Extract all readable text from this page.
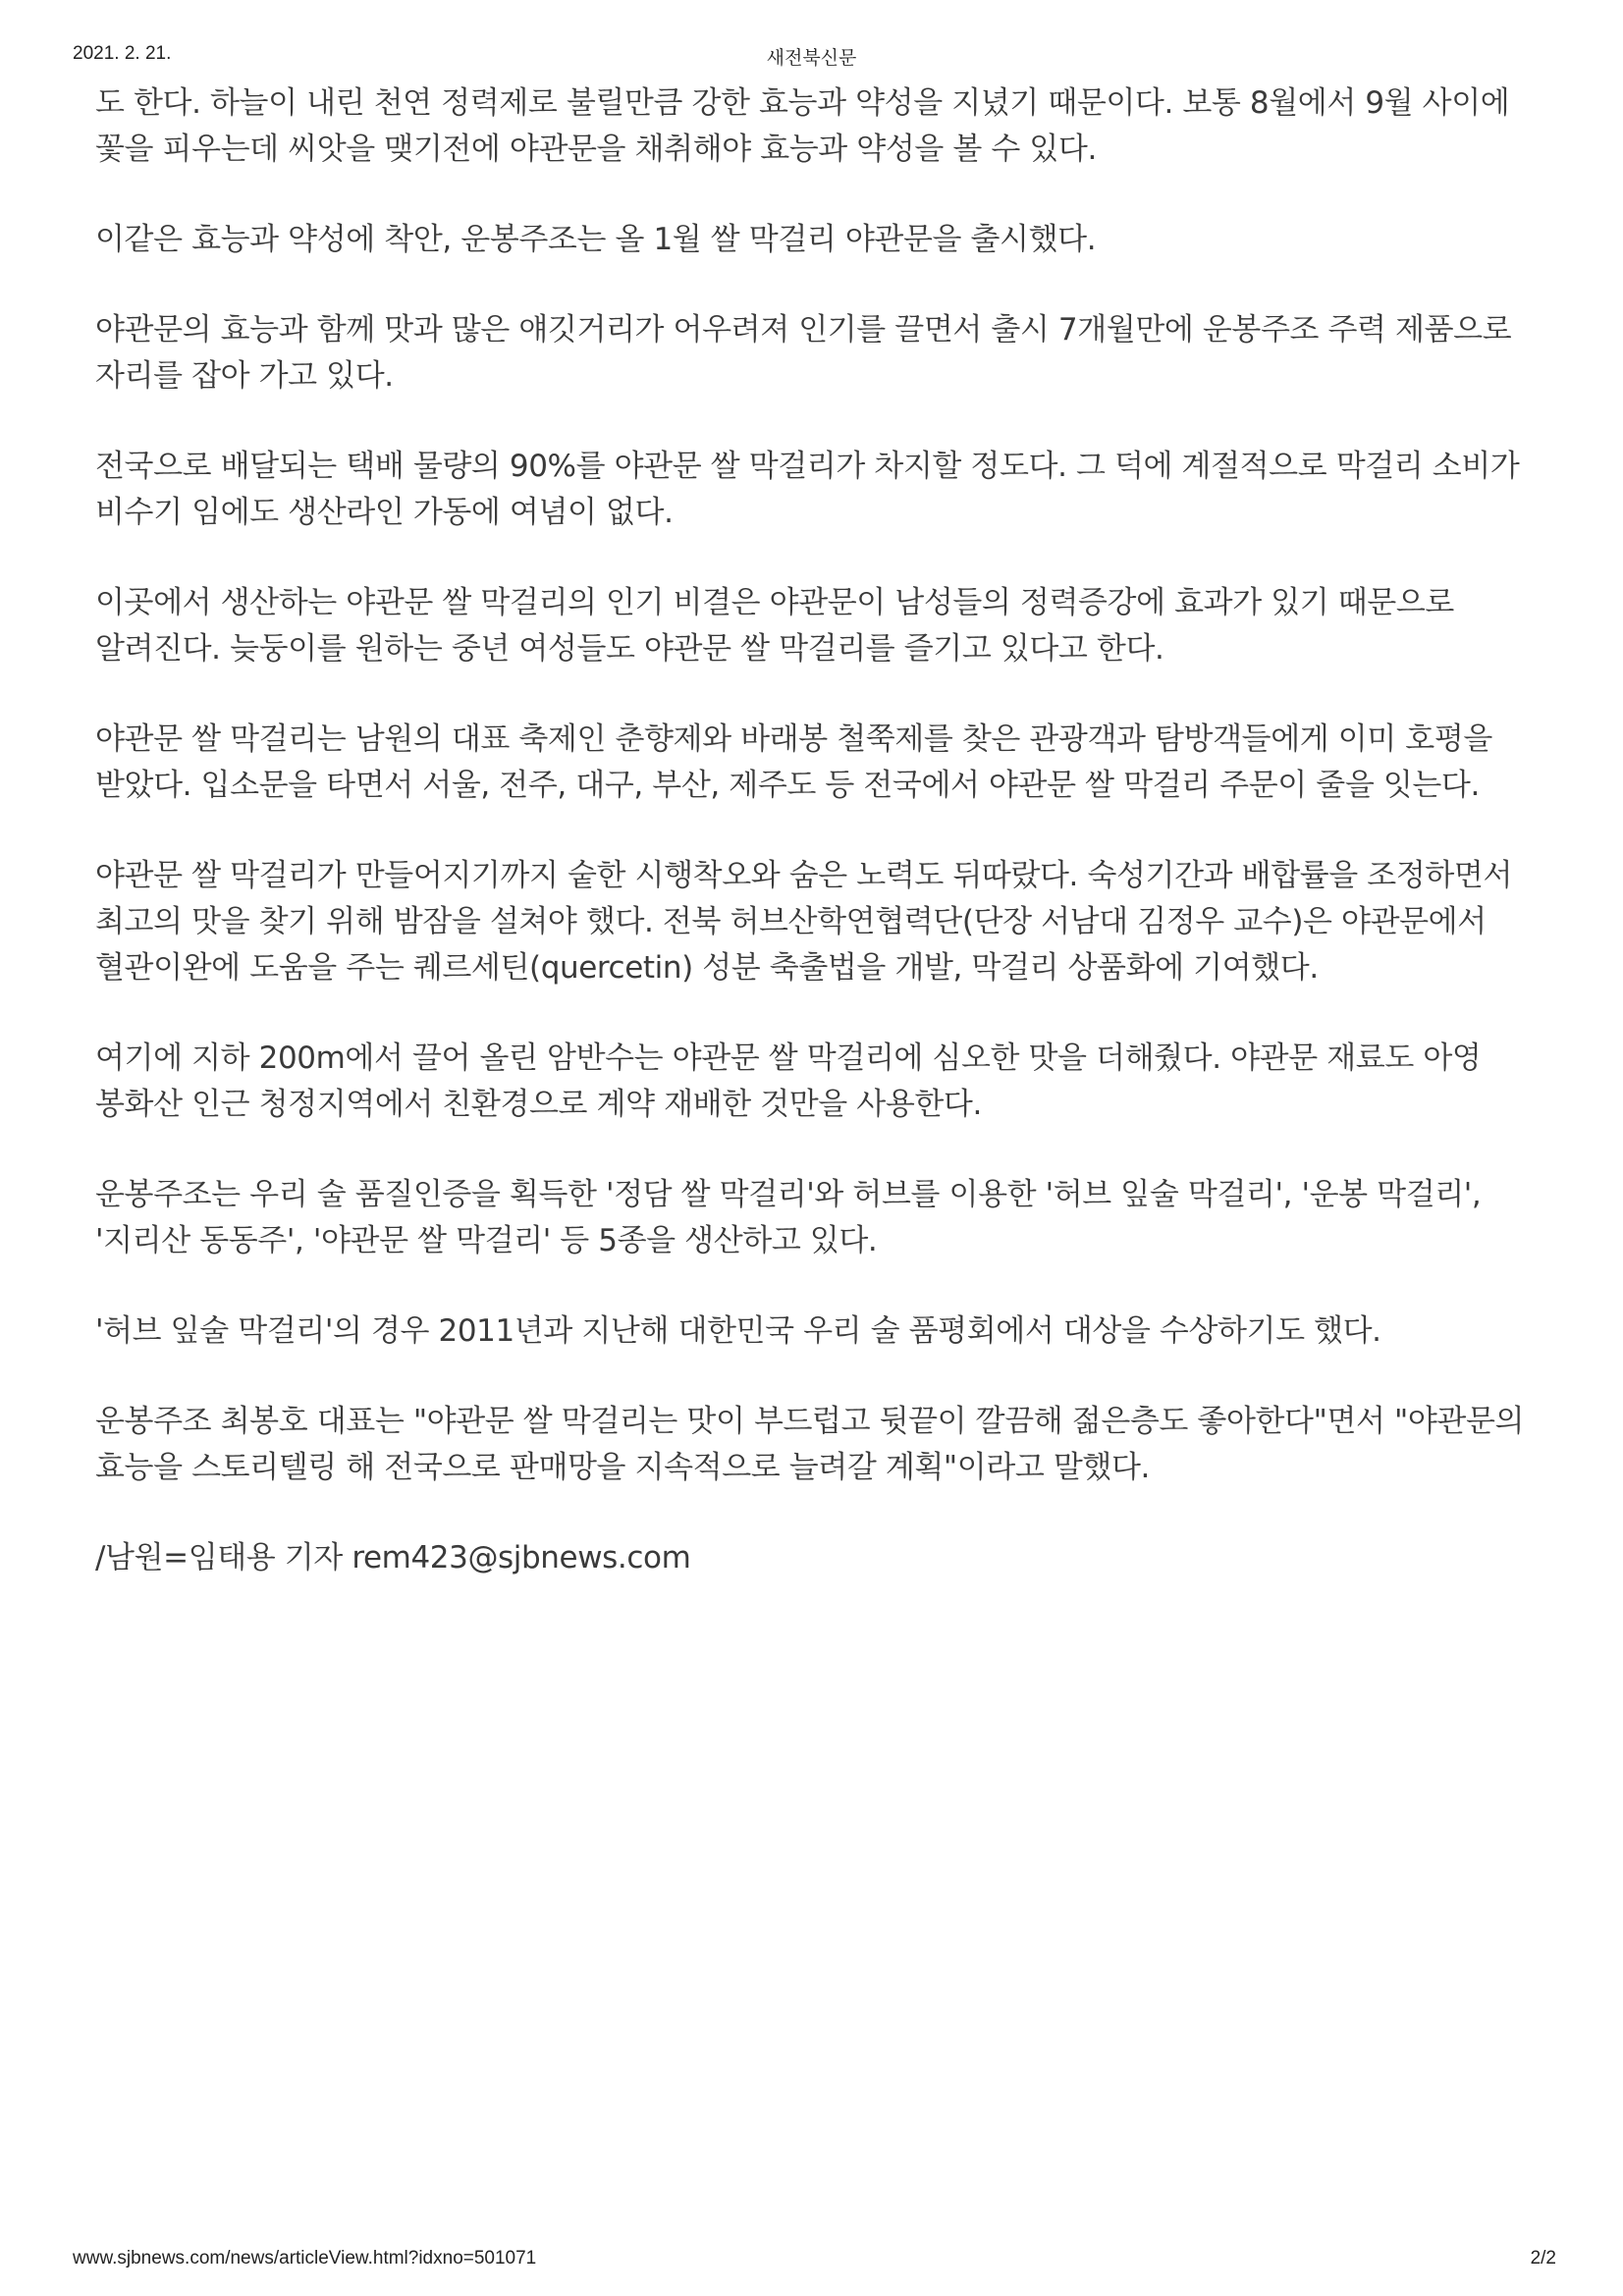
2021. 2. 21.	새전북신문

도 한다. 하늘이 내린 천연 정력제로 불릴만큼 강한 효능과 약성을 지녔기 때문이다. 보통 8월에서 9월 사이에 꽃을 피우는데 씨앗을 맺기전에 야관문을 채취해야 효능과 약성을 볼 수 있다.

이같은 효능과 약성에 착안, 운봉주조는 올 1월 쌀 막걸리 야관문을 출시했다.

야관문의 효능과 함께 맛과 많은 얘깃거리가 어우려져 인기를 끌면서 출시 7개월만에 운봉주조 주력 제품으로 자리를 잡아 가고 있다.

전국으로 배달되는 택배 물량의 90%를 야관문 쌀 막걸리가 차지할 정도다. 그 덕에 계절적으로 막걸리 소비가 비수기 임에도 생산라인 가동에 여념이 없다.

이곳에서 생산하는 야관문 쌀 막걸리의 인기 비결은 야관문이 남성들의 정력증강에 효과가 있기 때문으로 알려진다. 늦둥이를 원하는 중년 여성들도 야관문 쌀 막걸리를 즐기고 있다고 한다.

야관문 쌀 막걸리는 남원의 대표 축제인 춘향제와 바래봉 철쭉제를 찾은 관광객과 탐방객들에게 이미 호평을 받았다. 입소문을 타면서 서울, 전주, 대구, 부산, 제주도 등 전국에서 야관문 쌀 막걸리 주문이 줄을 잇는다.

야관문 쌀 막걸리가 만들어지기까지 숱한 시행착오와 숨은 노력도 뒤따랐다. 숙성기간과 배합률을 조정하면서 최고의 맛을 찾기 위해 밤잠을 설쳐야 했다. 전북 허브산학연협력단(단장 서남대 김정우 교수)은 야관문에서 혈관이완에 도움을 주는 퀘르세틴(quercetin) 성분 축출법을 개발, 막걸리 상품화에 기여했다.

여기에 지하 200m에서 끌어 올린 암반수는 야관문 쌀 막걸리에 심오한 맛을 더해줬다. 야관문 재료도 아영 봉화산 인근 청정지역에서 친환경으로 계약 재배한 것만을 사용한다.

운봉주조는 우리 술 품질인증을 획득한 '정담 쌀 막걸리'와 허브를 이용한 '허브 잎술 막걸리', '운봉 막걸리', '지리산 동동주', '야관문 쌀 막걸리' 등 5종을 생산하고 있다.

'허브 잎술 막걸리'의 경우 2011년과 지난해 대한민국 우리 술 품평회에서 대상을 수상하기도 했다.

운봉주조 최봉호 대표는 "야관문 쌀 막걸리는 맛이 부드럽고 뒷끝이 깔끔해 젊은층도 좋아한다"면서 "야관문의 효능을 스토리텔링 해 전국으로 판매망을 지속적으로 늘려갈 계획"이라고 말했다.

/남원=임태용 기자 rem423@sjbnews.com

www.sjbnews.com/news/articleView.html?idxno=501071	2/2
